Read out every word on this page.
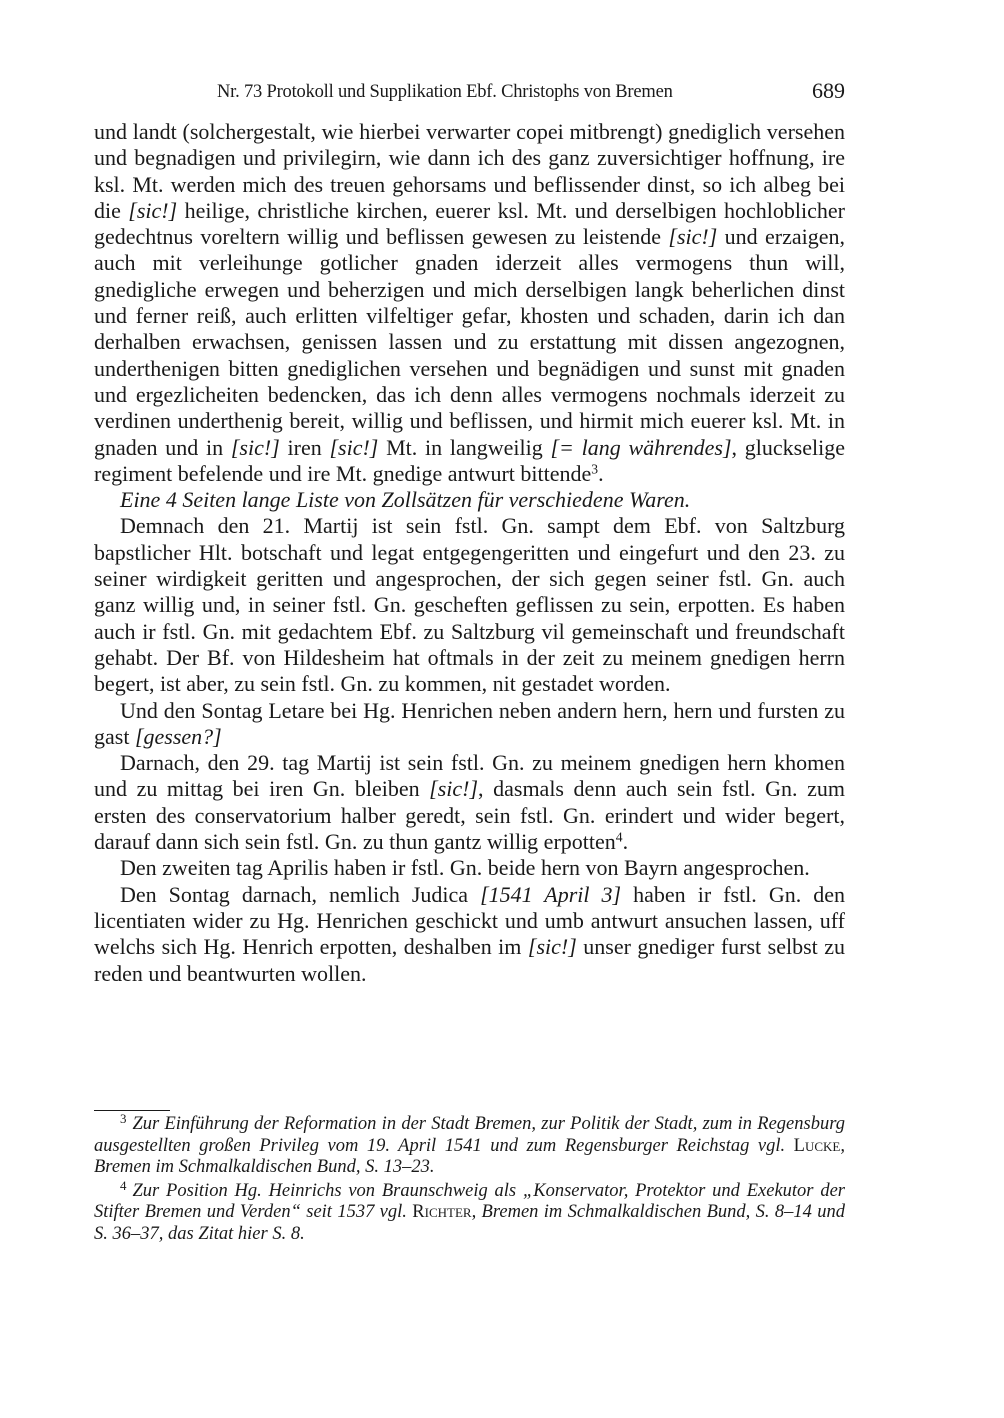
Nr. 73 Protokoll und Supplikation Ebf. Christophs von Bremen	689

und landt (solchergestalt, wie hierbei verwarter copei mitbrengt) gnediglich versehen und begnadigen und privilegirn, wie dann ich des ganz zuversichtiger hoffnung, ire ksl. Mt. werden mich des treuen gehorsams und beflissender dinst, so ich albeg bei die [sic!] heilige, christliche kirchen, euerer ksl. Mt. und derselbigen hochloblicher gedechtnus voreltern willig und beflissen gewesen zu leistende [sic!] und erzaigen, auch mit verleihunge gotlicher gnaden iderzeit alles vermogens thun will, gnedigliche erwegen und beherzigen und mich derselbigen langk beherlichen dinst und ferner reiß, auch erlitten vilfeltiger gefar, khosten und schaden, darin ich dan derhalben erwachsen, genissen lassen und zu erstattung mit dissen angezognen, underthenigen bitten gnediglichen versehen und begnädigen und sunst mit gnaden und ergezlicheiten bedencken, das ich denn alles vermogens nochmals iderzeit zu verdinen underthenig bereit, willig und beflissen, und hirmit mich euerer ksl. Mt. in gnaden und in [sic!] iren [sic!] Mt. in langweilig [= lang währendes], gluckselige regiment befelende und ire Mt. gnedige antwurt bittende$^3$.

Eine 4 Seiten lange Liste von Zollsätzen für verschiedene Waren.

Demnach den 21. Martij ist sein fstl. Gn. sampt dem Ebf. von Saltzburg bapstlicher Hlt. botschaft und legat entgegengeritten und eingefurt und den 23. zu seiner wirdigkeit geritten und angesprochen, der sich gegen seiner fstl. Gn. auch ganz willig und, in seiner fstl. Gn. gescheften geflissen zu sein, erpotten. Es haben auch ir fstl. Gn. mit gedachtem Ebf. zu Saltzburg vil gemeinschaft und freundschaft gehabt. Der Bf. von Hildesheim hat oftmals in der zeit zu meinem gnedigen herrn begert, ist aber, zu sein fstl. Gn. zu kommen, nit gestadet worden.

Und den Sontag Letare bei Hg. Henrichen neben andern hern, hern und fursten zu gast [gessen?]

Darnach, den 29. tag Martij ist sein fstl. Gn. zu meinem gnedigen hern khomen und zu mittag bei iren Gn. bleiben [sic!], dasmals denn auch sein fstl. Gn. zum ersten des conservatorium halber geredt, sein fstl. Gn. erindert und wider begert, darauf dann sich sein fstl. Gn. zu thun gantz willig erpotten$^4$.

Den zweiten tag Aprilis haben ir fstl. Gn. beide hern von Bayrn angesprochen.

Den Sontag darnach, nemlich Judica [1541 April 3] haben ir fstl. Gn. den licentiaten wider zu Hg. Henrichen geschickt und umb antwurt ansuchen lassen, uff welchs sich Hg. Henrich erpotten, deshalben im [sic!] unser gnediger furst selbst zu reden und beantwurten wollen.

$^3$ Zur Einführung der Reformation in der Stadt Bremen, zur Politik der Stadt, zum in Regensburg ausgestellten großen Privileg vom 19. April 1541 und zum Regensburger Reichstag vgl. Lucke, Bremen im Schmalkaldischen Bund, S. 13–23.

$^4$ Zur Position Hg. Heinrichs von Braunschweig als „Konservator, Protektor und Exekutor der Stifter Bremen und Verden“ seit 1537 vgl. Richter, Bremen im Schmalkaldischen Bund, S. 8–14 und S. 36–37, das Zitat hier S. 8.
